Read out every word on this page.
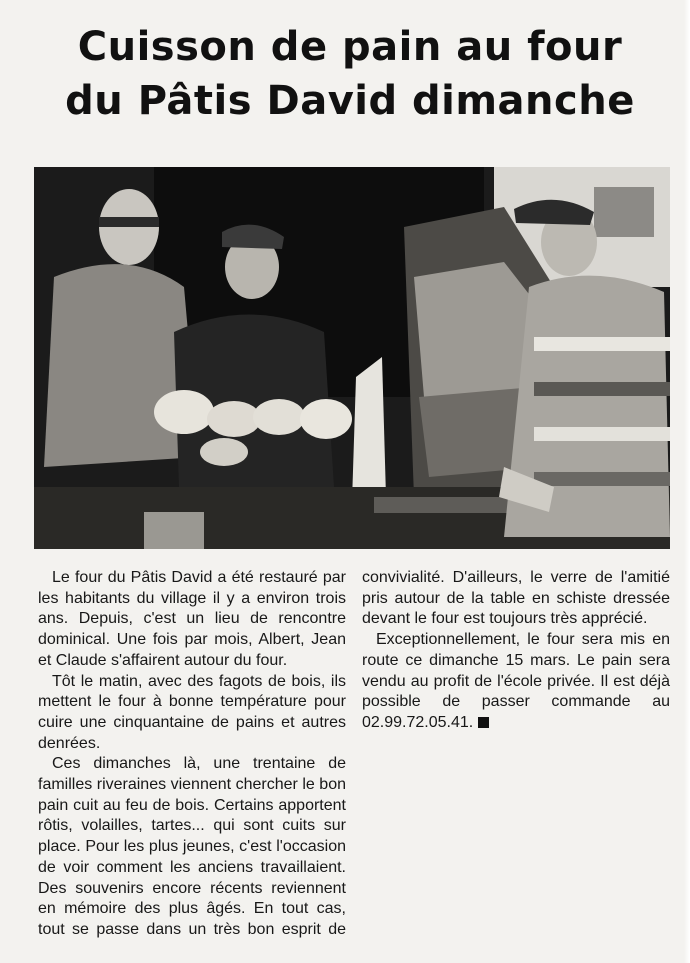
Cuisson de pain au four
du Pâtis David dimanche

Le four du Pâtis David a été restauré par les habitants du village il y a environ trois ans. Depuis, c'est un lieu de rencontre dominical. Une fois par mois, Albert, Jean et Claude s'affairent autour du four.

Tôt le matin, avec des fagots de bois, ils mettent le four à bonne température pour cuire une cinquantaine de pains et autres denrées.

Ces dimanches là, une trentaine de familles riveraines viennent chercher le bon pain cuit au feu de bois. Certains apportent rôtis, volailles, tartes... qui sont cuits sur place. Pour les plus jeunes, c'est l'occasion de voir comment les anciens travaillaient. Des souvenirs encore récents reviennent en mémoire des plus âgés. En tout cas, tout se passe dans un très bon esprit de convivialité. D'ailleurs, le verre de l'amitié pris autour de la table en schiste dressée devant le four est toujours très apprécié.

Exceptionnellement, le four sera mis en route ce dimanche 15 mars. Le pain sera vendu au profit de l'école privée. Il est déjà possible de passer commande au 02.99.72.05.41.
